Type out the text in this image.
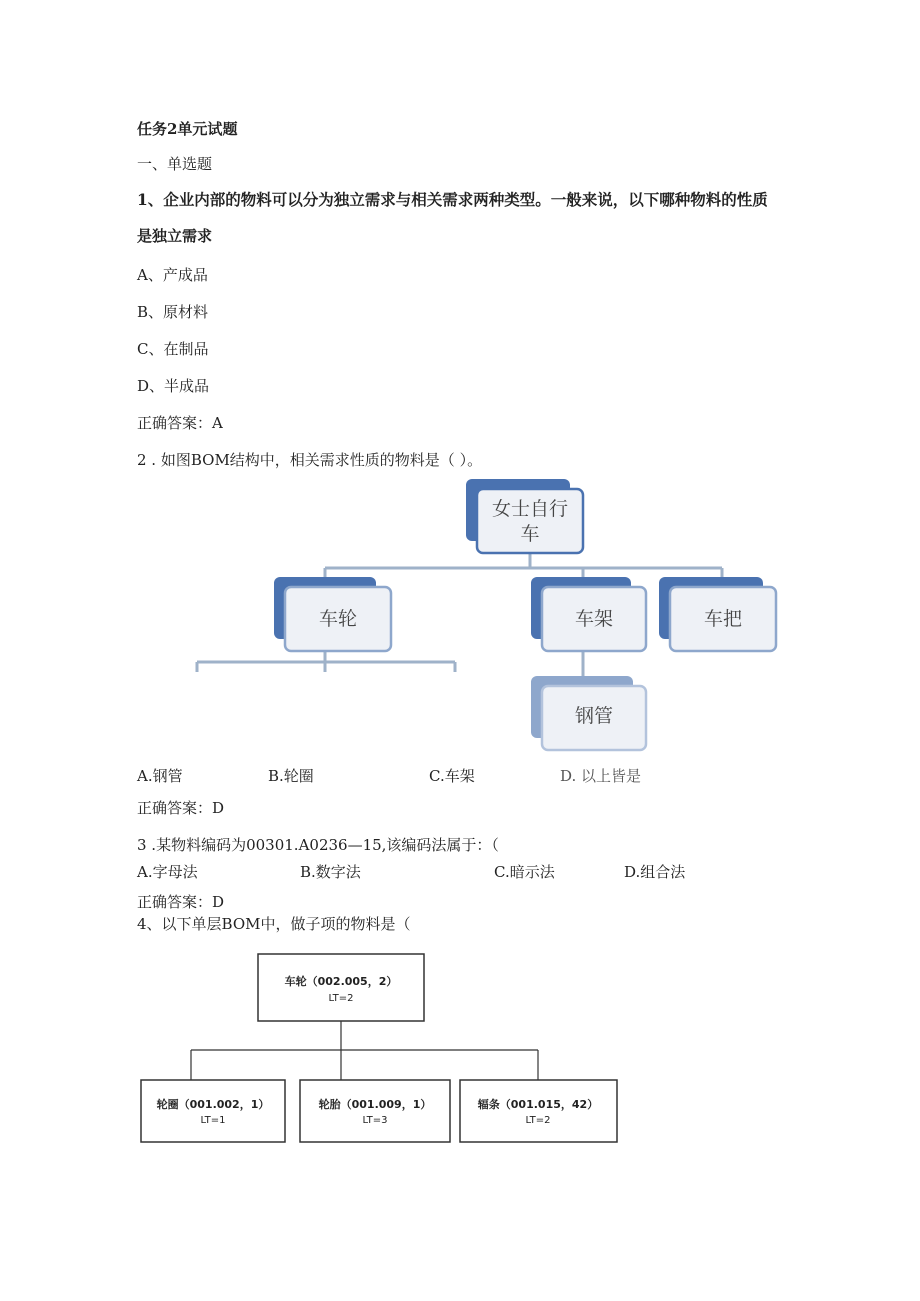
任务2单元试题
一、单选题
1、企业内部的物料可以分为独立需求与相关需求两种类型。一般来说，以下哪种物料的性质
是独立需求
A、产成品
B、原材料
C、在制品
D、半成品
正确答案：A
2 . 如图BOM结构中，相关需求性质的物料是（ ）。
女士自行
车
车轮	车架	车把
钢管
车轮（002.005，2）
LT=2
轮圈（001.002，1）
LT=1
轮胎（001.009，1）
LT=3
辐条（001.015，42）
LT=2
A.钢管	B.轮圈	C.车架	D. 以上皆是
正确答案：D
3 .某物料编码为00301.A0236—15,该编码法属于：（
A.字母法	B.数字法	C.暗示法	D.组合法
正确答案：D
4、以下单层BOM中，做子项的物料是（
